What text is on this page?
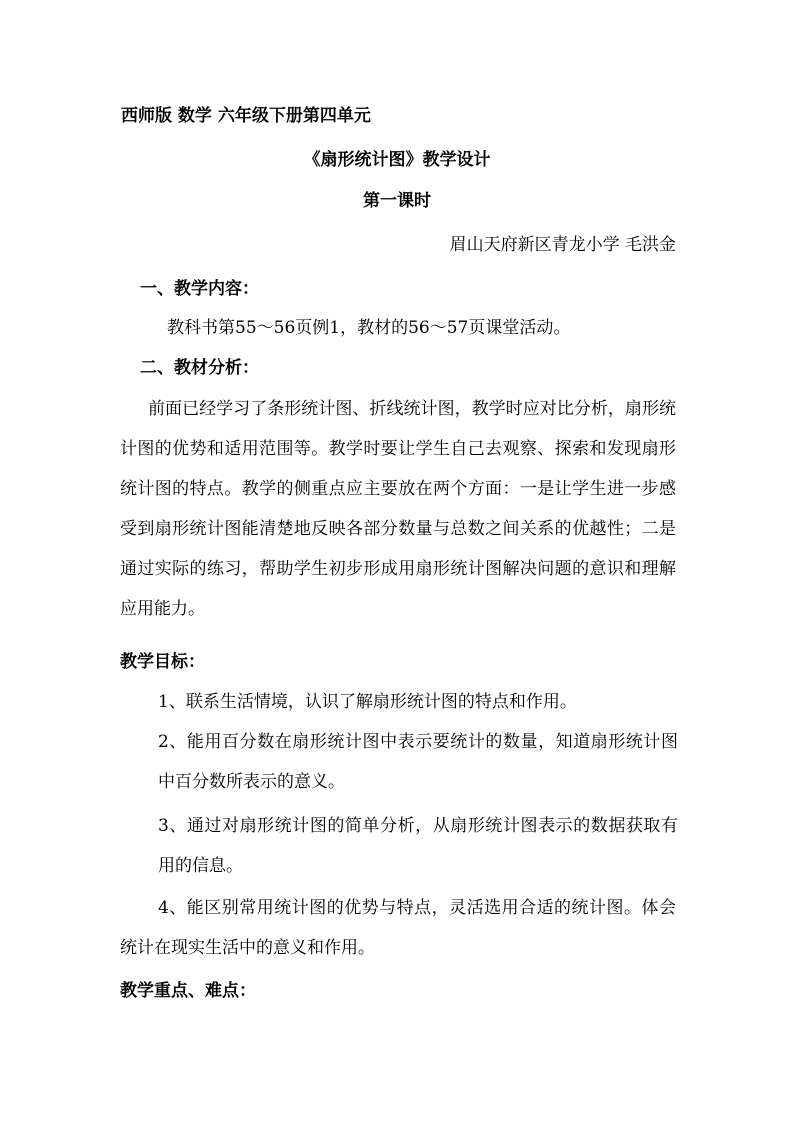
西师版 数学 六年级下册第四单元
《扇形统计图》教学设计
第一课时
眉山天府新区青龙小学 毛洪金
一、教学内容：
教科书第55～56页例1，教材的56～57页课堂活动。
二、教材分析：
前面已经学习了条形统计图、折线统计图，教学时应对比分析，扇形统计图的优势和适用范围等。教学时要让学生自己去观察、探索和发现扇形统计图的特点。教学的侧重点应主要放在两个方面：一是让学生进一步感受到扇形统计图能清楚地反映各部分数量与总数之间关系的优越性；二是通过实际的练习，帮助学生初步形成用扇形统计图解决问题的意识和理解应用能力。
教学目标：
1、联系生活情境，认识了解扇形统计图的特点和作用。
2、能用百分数在扇形统计图中表示要统计的数量，知道扇形统计图中百分数所表示的意义。
3、通过对扇形统计图的简单分析，从扇形统计图表示的数据获取有用的信息。
4、能区别常用统计图的优势与特点，灵活选用合适的统计图。体会统计在现实生活中的意义和作用。
教学重点、难点：
